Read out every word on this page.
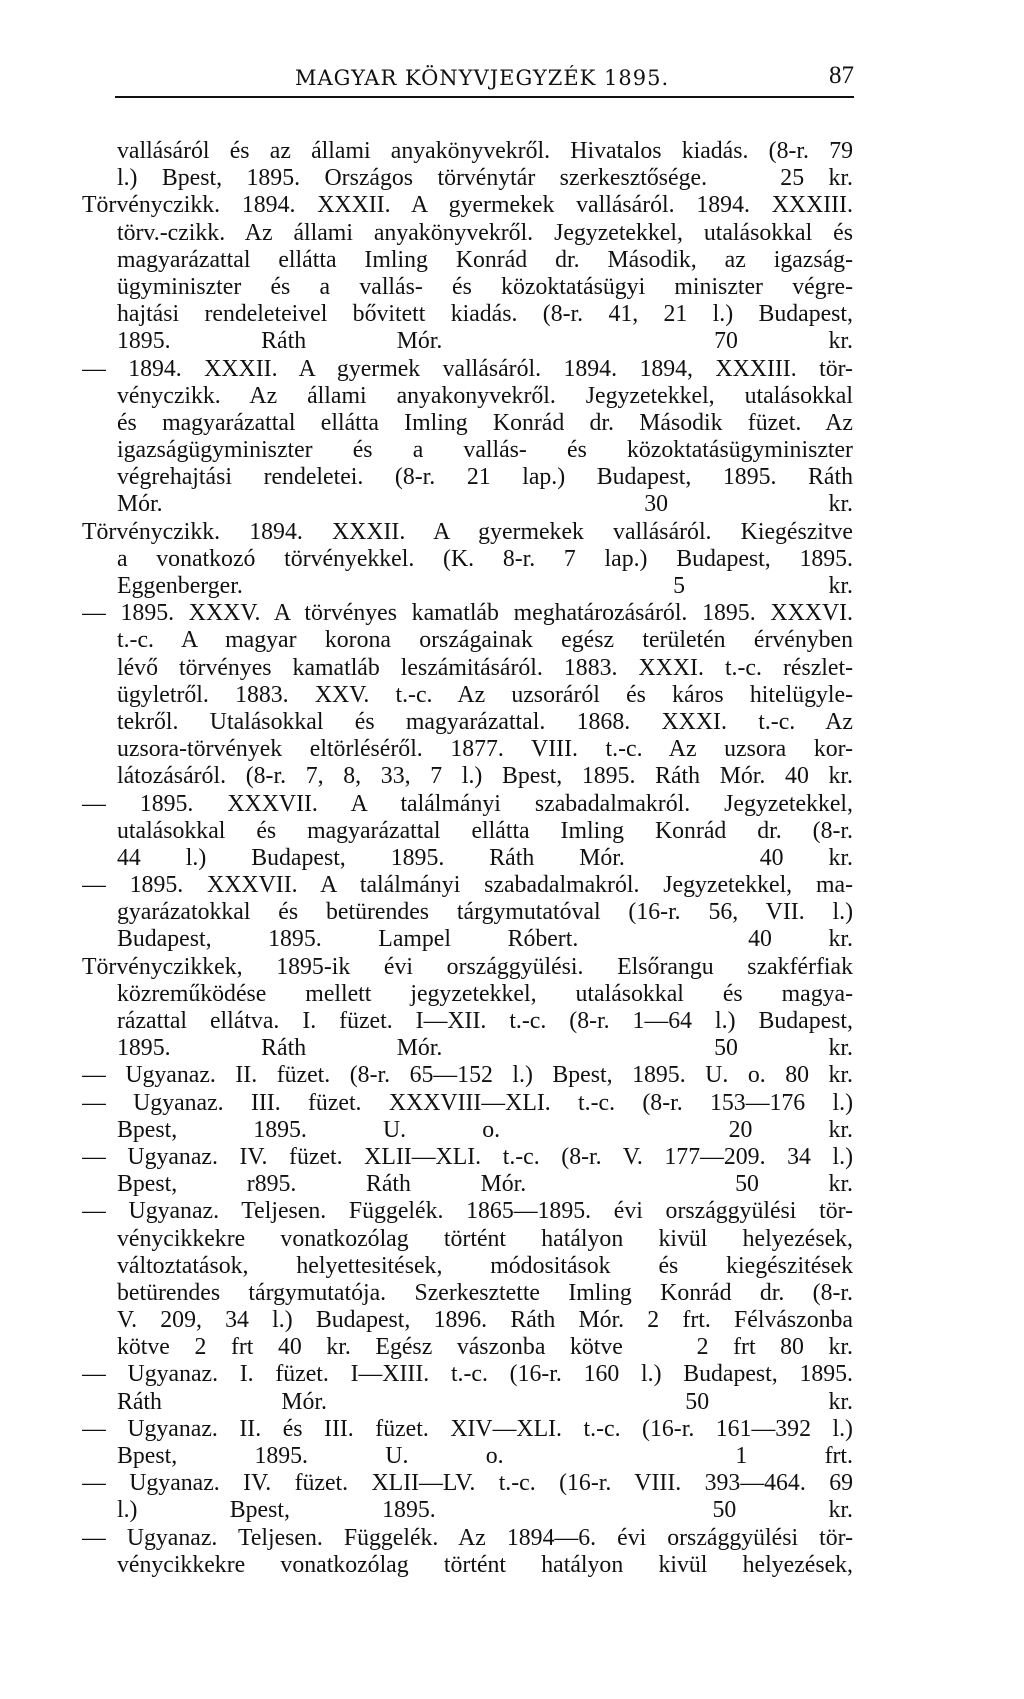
MAGYAR KÖNYVJEGYZÉK 1895.	87
vallásáról és az állami anyakönyvekről. Hivatalos kiadás. (8-r. 79
l.) Bpest, 1895. Országos törvénytár szerkesztősége.   25 kr.
Törvényczikk. 1894. XXXII. A gyermekek vallásáról. 1894. XXXIII.
törv.-czikk. Az állami anyakönyvekről. Jegyzetekkel, utalásokkal és
magyarázattal ellátta Imling Konrád dr. Második, az igazság-
ügyminiszter és a vallás- és közoktatásügyi miniszter végre-
hajtási rendeleteivel bővitett kiadás. (8-r. 41, 21 l.) Budapest,
1895. Ráth Mór.   70 kr.
— 1894. XXXII. A gyermek vallásáról. 1894. 1894, XXXIII. tör-
vényczikk. Az állami anyakonyvekről. Jegyzetekkel, utalásokkal
és magyarázattal ellátta Imling Konrád dr. Második füzet. Az
igazságügyminiszter és a vallás- és közoktatásügyminiszter
végrehajtási rendeletei. (8-r. 21 lap.) Budapest, 1895. Ráth
Mór.   30 kr.
Törvényczikk. 1894. XXXII. A gyermekek vallásáról. Kiegészitve
a vonatkozó törvényekkel. (K. 8-r. 7 lap.) Budapest, 1895.
Eggenberger.   5 kr.
— 1895. XXXV. A törvényes kamatláb meghatározásáról. 1895. XXXVI.
t.-c. A magyar korona országainak egész területén érvényben
lévő törvényes kamatláb leszámitásáról. 1883. XXXI. t.-c. részlet-
ügyletről. 1883. XXV. t.-c. Az uzsoráról és káros hitelügyle-
tekről. Utalásokkal és magyarázattal. 1868. XXXI. t.-c. Az
uzsora-törvények eltörléséről. 1877. VIII. t.-c. Az uzsora kor-
látozásáról. (8-r. 7, 8, 33, 7 l.) Bpest, 1895. Ráth Mór. 40 kr.
— 1895. XXXVII. A találmányi szabadalmakról. Jegyzetekkel,
utalásokkal és magyarázattal ellátta Imling Konrád dr. (8-r.
44 l.) Budapest, 1895. Ráth Mór.   40 kr.
— 1895. XXXVII. A találmányi szabadalmakról. Jegyzetekkel, ma-
gyarázatokkal és betürendes tárgymutatóval (16-r. 56, VII. l.)
Budapest, 1895. Lampel Róbert.   40 kr.
Törvényczikkek, 1895-ik évi országgyülési. Elsőrangu szakférfiak
közreműködése mellett jegyzetekkel, utalásokkal és magya-
rázattal ellátva. I. füzet. I—XII. t.-c. (8-r. 1—64 l.) Budapest,
1895. Ráth Mór.   50 kr.
— Ugyanaz. II. füzet. (8-r. 65—152 l.) Bpest, 1895. U. o. 80 kr.
— Ugyanaz. III. füzet. XXXVIII—XLI. t.-c. (8-r. 153—176 l.)
Bpest, 1895. U. o.   20 kr.
— Ugyanaz. IV. füzet. XLII—XLI. t.-c. (8-r. V. 177—209. 34 l.)
Bpest, r895. Ráth Mór.   50 kr.
— Ugyanaz. Teljesen. Függelék. 1865—1895. évi országgyülési tör-
vénycikkekre vonatkozólag történt hatályon kivül helyezések,
változtatások, helyettesitések, módositások és kiegészitések
betürendes tárgymutatója. Szerkesztette Imling Konrád dr. (8-r.
V. 209, 34 l.) Budapest, 1896. Ráth Mór. 2 frt. Félvászonba
kötve 2 frt 40 kr. Egész vászonba kötve   2 frt 80 kr.
— Ugyanaz. I. füzet. I—XIII. t.-c. (16-r. 160 l.) Budapest, 1895.
Ráth Mór.   50 kr.
— Ugyanaz. II. és III. füzet. XIV—XLI. t.-c. (16-r. 161—392 l.)
Bpest, 1895. U. o.   1 frt.
— Ugyanaz. IV. füzet. XLII—LV. t.-c. (16-r. VIII. 393—464. 69
l.) Bpest, 1895.   50 kr.
— Ugyanaz. Teljesen. Függelék. Az 1894—6. évi országgyülési tör-
vénycikkekre vonatkozólag történt hatályon kivül helyezések,
